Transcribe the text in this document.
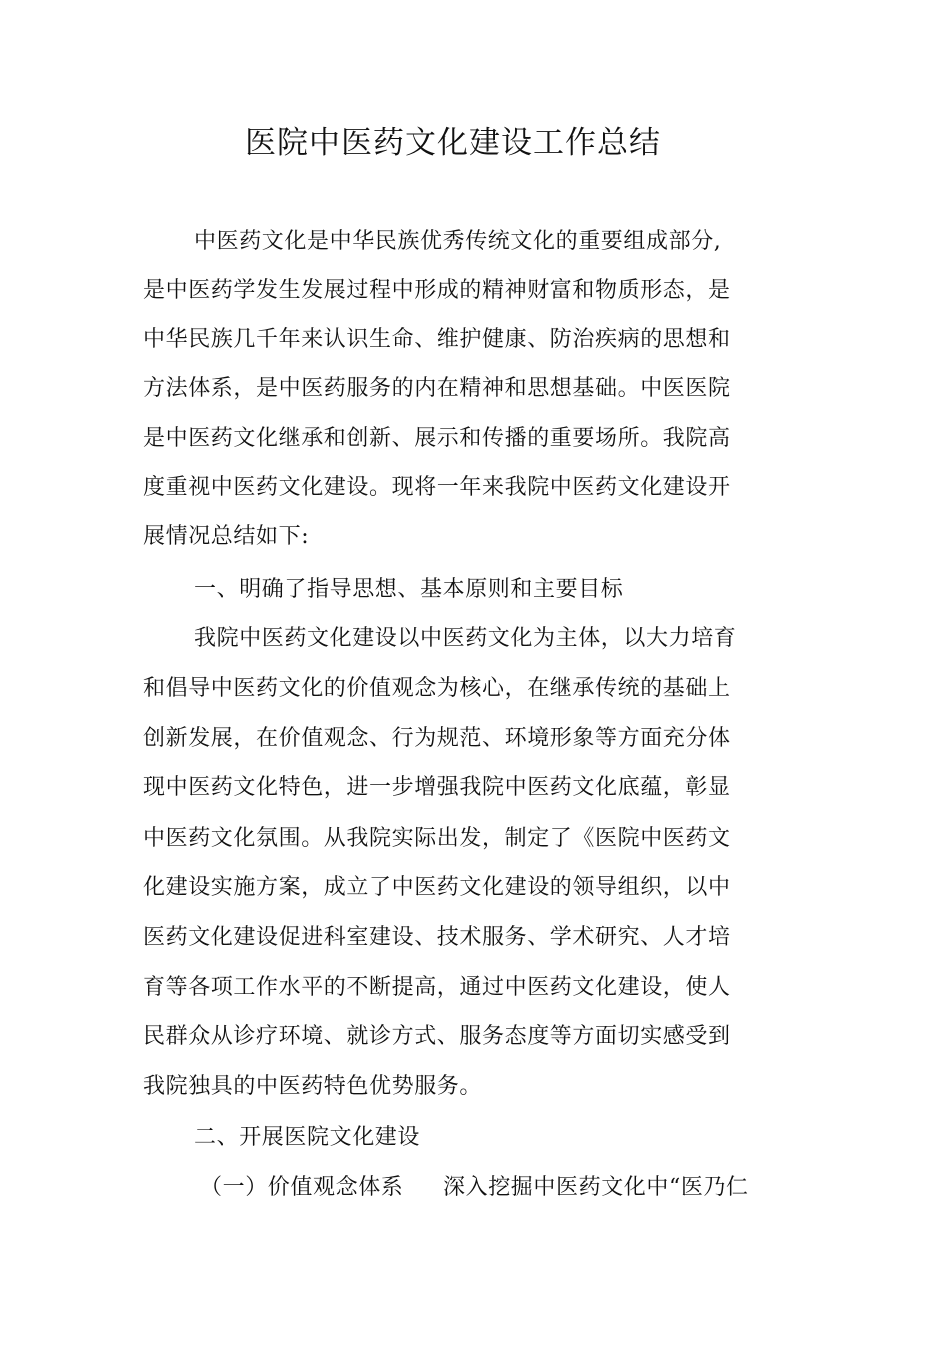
医院中医药文化建设工作总结
中医药文化是中华民族优秀传统文化的重要组成部分,
是中医药学发生发展过程中形成的精神财富和物质形态，是
中华民族几千年来认识生命、维护健康、防治疾病的思想和
方法体系，是中医药服务的内在精神和思想基础。中医医院
是中医药文化继承和创新、展示和传播的重要场所。我院高
度重视中医药文化建设。现将一年来我院中医药文化建设开
展情况总结如下:
一、明确了指导思想、基本原则和主要目标
我院中医药文化建设以中医药文化为主体，以大力培育
和倡导中医药文化的价值观念为核心，在继承传统的基础上
创新发展，在价值观念、行为规范、环境形象等方面充分体
现中医药文化特色，进一步增强我院中医药文化底蕴，彰显
中医药文化氛围。从我院实际出发，制定了《医院中医药文
化建设实施方案，成立了中医药文化建设的领导组织，以中
医药文化建设促进科室建设、技术服务、学术研究、人才培
育等各项工作水平的不断提高，通过中医药文化建设，使人
民群众从诊疗环境、就诊方式、服务态度等方面切实感受到
我院独具的中医药特色优势服务。
二、开展医院文化建设
（一）价值观念体系 深入挖掘中医药文化中“医乃仁
